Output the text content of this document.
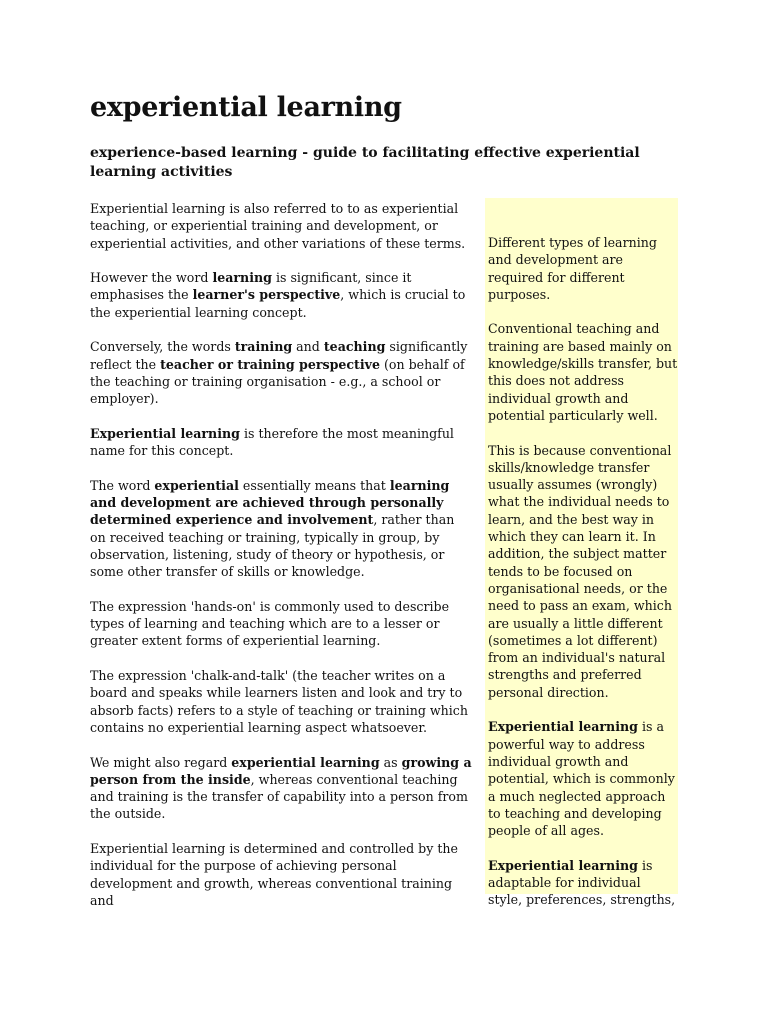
experiential learning
experience-based learning - guide to facilitating effective experiential learning activities

Experiential learning is also referred to to as experiential teaching, or experiential training and development, or experiential activities, and other variations of these terms.

However the word learning is significant, since it emphasises the learner's perspective, which is crucial to the experiential learning concept.

Conversely, the words training and teaching significantly reflect the teacher or training perspective (on behalf of the teaching or training organisation - e.g., a school or employer).

Experiential learning is therefore the most meaningful name for this concept.

The word experiential essentially means that learning and development are achieved through personally determined experience and involvement, rather than on received teaching or training, typically in group, by observation, listening, study of theory or hypothesis, or some other transfer of skills or knowledge.

The expression 'hands-on' is commonly used to describe types of learning and teaching which are to a lesser or greater extent forms of experiential learning.

The expression 'chalk-and-talk' (the teacher writes on a board and speaks while learners listen and look and try to absorb facts) refers to a style of teaching or training which contains no experiential learning aspect whatsoever.

We might also regard experiential learning as growing a person from the inside, whereas conventional teaching and training is the transfer of capability into a person from the outside.

Experiential learning is determined and controlled by the individual for the purpose of achieving personal development and growth, whereas conventional training and

Different types of learning and development are required for different purposes.

Conventional teaching and training are based mainly on knowledge/skills transfer, but this does not address individual growth and potential particularly well.

This is because conventional skills/knowledge transfer usually assumes (wrongly) what the individual needs to learn, and the best way in which they can learn it. In addition, the subject matter tends to be focused on organisational needs, or the need to pass an exam, which are usually a little different (sometimes a lot different) from an individual's natural strengths and preferred personal direction.

Experiential learning is a powerful way to address individual growth and potential, which is commonly a much neglected approach to teaching and developing people of all ages.

Experiential learning is adaptable for individual style, preferences, strengths,
